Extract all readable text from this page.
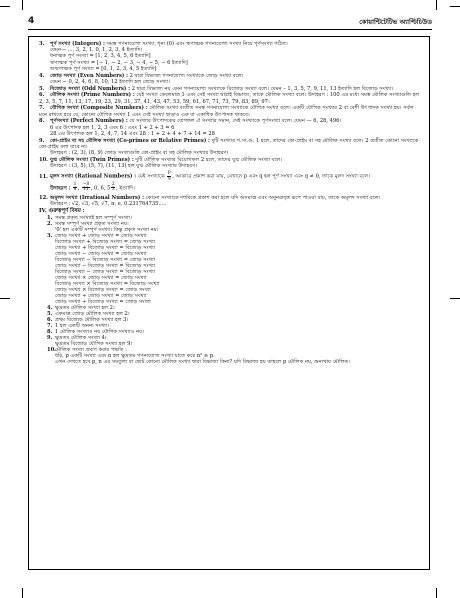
4	কোয়ান্টিটেটিভ অ্যাপ্টিচিউড
3. পূর্ণ সংখ্যা (Integers) : সমস্ত গণনাযোগ্য সংখ্যা, শূন্য (0) এবং ঋণাত্মক গণনাযোগ্য সংখ্যা নিয়ে পূর্ণসংখ্যা গঠিত।
যেমন— ..., 3, 2, 1, 0, 1, 2, 3, 4 ইত্যাদি।
ধনাত্মক পূর্ণ সংখ্যা = [1, 2, 3, 4, 5, 6 ইত্যাদি]
ঋণাত্মক পূর্ণ সংখ্যা = [− 1, − 2, − 3, − 4, − 5, − 6 ইত্যাদি]
অঋণাত্মক পূর্ণ সংখ্যা = [0, 1, 2, 3, 4, 5 ইত্যাদি]
4. জোড় সংখ্যা (Even Numbers) : 2 দ্বারা বিভাজ্য গণনাযোগ্য সংখ্যাকে জোড় সংখ্যা বলে।
যেমন − 0, 2, 4, 6, 8, 10, 12 ইত্যাদি হল জোড় সংখ্যা।
5. বিজোড় সংখ্যা (Odd Numbers) : 2 দ্বারা বিভাজ্য নয় এমন গণনাযোগ্য সংখ্যাকে বিজোড় সংখ্যা বলে। যেমন – 1, 3, 5, 7, 9, 11, 13 ইত্যাদি হল বিজোড় সংখ্যা।
6. মৌলিক সংখ্যা (Prime Numbers) : যেই সংখ্যা কেবলমাত্র 1 এবং সেই সংখ্যা দ্বারাই বিভাজ্য, তাকে মৌলিক সংখ্যা বলে। উদাহরণ : 100 এর মধ্যে সমস্ত মৌলিক সংখ্যাগুলি হল 2, 3, 5, 7, 11, 13, 17, 19, 23, 29, 31, 37, 41, 43, 47, 53, 59, 61, 67, 71, 73, 79, 83, 89, 97।
7. যৌগিক সংখ্যা (Composite Numbers) : মৌলিক সংখ্যা ব্যতীত সমস্ত গণনাযোগ্য সংখ্যাকে যৌগিক সংখ্যা বলে। একটি যৌগিক সংখ্যার 2 বা বেশী উৎপাদক সংখ্যা হয়। সর্বদা মনে রাখতে হবে যে, কোনো যৌগিক সংখ্যা 1 এবং সেই সংখ্যা ছাড়াও এক বা একাধিক উৎপাদক থাকবে।
8. পূর্ণসংখ্যা (Perfect Numbers) : যে সংখ্যার উৎপাদকের যোগফল ঐ সংখ্যার সমান, সেই সংখ্যাকে পূর্ণসংখ্যা বলে। যেমন — 6, 28, 496।
6 এর উৎপাদক হল 1, 2, 3 এবং 6 : এবং 1 + 2 + 3 = 6
28 এর উৎপাদক হল 1, 2, 4, 7, 14 এবং 28 : 1 + 2 + 4 + 7 + 14 = 28
9. কো-প্রাইম বা সহ মৌলিক সংখ্যা (Co-primes or Relative Primes) : দুটি সংখ্যার গ.সা.গু. 1 হলে, তাদের কো-প্রাইম বা সহ মৌলিক সংখ্যা বলে। 2 ব্যতীত কোনো সংখ্যাকে কো-প্রাইম বলা যাবে না।
উদাহরণ : (2, 3), (8, 9) জোড় সংখ্যাগুলি কো-প্রাইম বা সহ মৌলিক সংখ্যার উদাহরণ।
10. যুগ্ম মৌলিক সংখ্যা (Twin Primes) : দুটি মৌলিক সংখ্যার বিয়োগফল 2 হলে, তাদের যুগ্ম মৌলিক সংখ্যা বলে।
উদাহরণ : (3, 5), (5, 7), (11, 13) হল যুগ্ম মৌলিক সংখ্যার উদাহরণ।
11. মূলদ সংখ্যা (Rational Numbers) : যেই সংখ্যাকে $\frac{p}{q}$ , আকারে প্রকাশ করা যায়, যেখানে p এবং q হল পূর্ণ সংখ্যা এবং q ≠ 0, তাকে মূলদ সংখ্যা বলে।
উদাহরণ : $\frac{1}{8}$ , $\frac{-8}{11}$ , 0, 6, $5 \frac{2}{3}$ , ইত্যাদি।
12. অমূলদ সংখ্যা (Irrational Numbers) : কোনো সংখ্যাকে দশমিকে প্রকাশ করা হলে যদি অসমাপ্ত এবং অনুনরাবৃত্ত রূপে পাওয়া যায়, তাকে অমূলদ সংখ্যা বলে।
উদাহরণ : √2, √3, √5, √7, π, e, 0.231764735.....
IV. গুরুত্বপূর্ণ বিষয় :
1. সমস্ত প্রকৃত সংখ্যাই হল সম্পূর্ণ সংখ্যা।
2. সমস্ত সম্পূর্ণ সংখ্যা প্রকৃত সংখ্যা নয়।
'0' হল একটি সম্পূর্ণ সংখ্যা। কিন্তু প্রকৃত সংখ্যা নয়।
3. জোড় সংখ্যা + জোড় সংখ্যা = জোড় সংখ্যা
বিজোড় সংখ্যা + বিজোড় সংখ্যা = জোড় সংখ্যা
জোড় সংখ্যা + বিজোড় সংখ্যা = বিজোড় সংখ্যা
জোড় সংখ্যা − জোড় সংখ্যা = জোড় সংখ্যা
বিজোড় সংখ্যা − বিজোড় সংখ্যা = জোড় সংখ্যা
জোড় সংখ্যা − বিজোড় সংখ্যা = বিজোড় সংখ্যা
বিজোড় সংখ্যা − জোড় সংখ্যা = বিজোড় সংখ্যা
জোড় সংখ্যা × জোড় সংখ্যা = জোড় সংখ্যা
বিজোড় সংখ্যা × বিজোড় সংখ্যা = বিজোড় সংখ্যা
জোড় সংখ্যা × বিজোড় সংখ্যা = জোড় সংখ্যা
জোড় সংখ্যা ÷ জোড় সংখ্যা = জোড় সংখ্যা
জোড় সংখ্যা ÷ বিজোড় সংখ্যা = জোড় সংখ্যা
4. ক্ষুদ্রতম মৌলিক সংখ্যা হল 2।
5. একমাত্র জোড় মৌলিক সংখ্যা হল 2।
6. প্রথম বিজোড় মৌলিক সংখ্যা হল 3।
7. 1 হল একটি অনন্য সংখ্যা।
8. 1 মৌলিক সংখ্যাও নয় যৌগিক সংখ্যাও নয়।
9. ক্ষুদ্রতম মৌলিক সংখ্যা 4।
ক্ষুদ্রতম বিজোড় যৌগিক সংখ্যা হল 9।
10.মৌলিক সংখ্যা প্রমাণ করার পদ্ধতি :
ধরি, p একটি সংখ্যা এবং n হল ক্ষুদ্রতম গণনাযোগ্য সংখ্যা যাতে করে n² ≥ p.
এখন দেখতে হবে p, n এর সমতুল্য বা ছোট কোনো মৌলিক সংখ্যা দ্বারা বিভাজ্য কিনা? যদি বিভাজ্য হয় তাহলে p মৌলিক নয়, অন্যথায় মৌলিক।
